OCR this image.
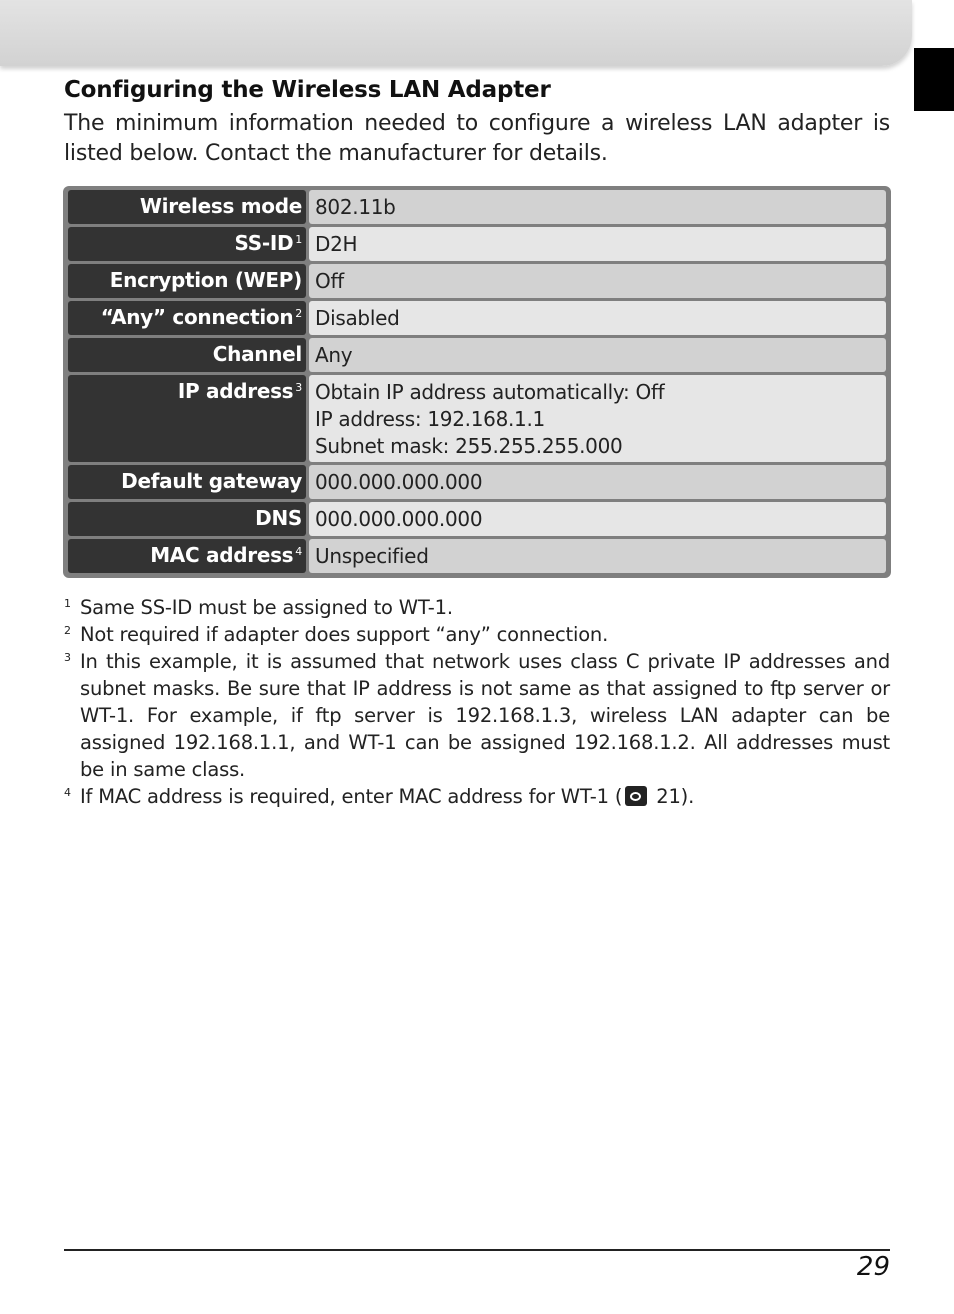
Configuring the Wireless LAN Adapter

The minimum information needed to configure a wireless LAN adapter is listed below. Contact the manufacturer for details.

Wireless mode 802.11b
SS-ID $^1$ D2H
Encryption (WEP) Off
“Any” connection $^2$ Disabled
Channel Any
IP address $^3$ Obtain IP address automatically: Off
IP address: 192.168.1.1
Subnet mask: 255.255.255.000
Default gateway 000.000.000.000
DNS 000.000.000.000
MAC address $^4$ Unspecified
1 Same SS-ID must be assigned to WT-1.
2 Not required if adapter does support “any” connection.
3 In this example, it is assumed that network uses class C private IP addresses and subnet masks. Be sure that IP address is not same as that assigned to ftp server or WT-1. For example, if ftp server is 192.168.1.3, wireless LAN adapter can be assigned 192.168.1.1, and WT-1 can be assigned 192.168.1.2. All addresses must be in same class.
4 If MAC address is required, enter MAC address for WT-1 ( 21).
29
